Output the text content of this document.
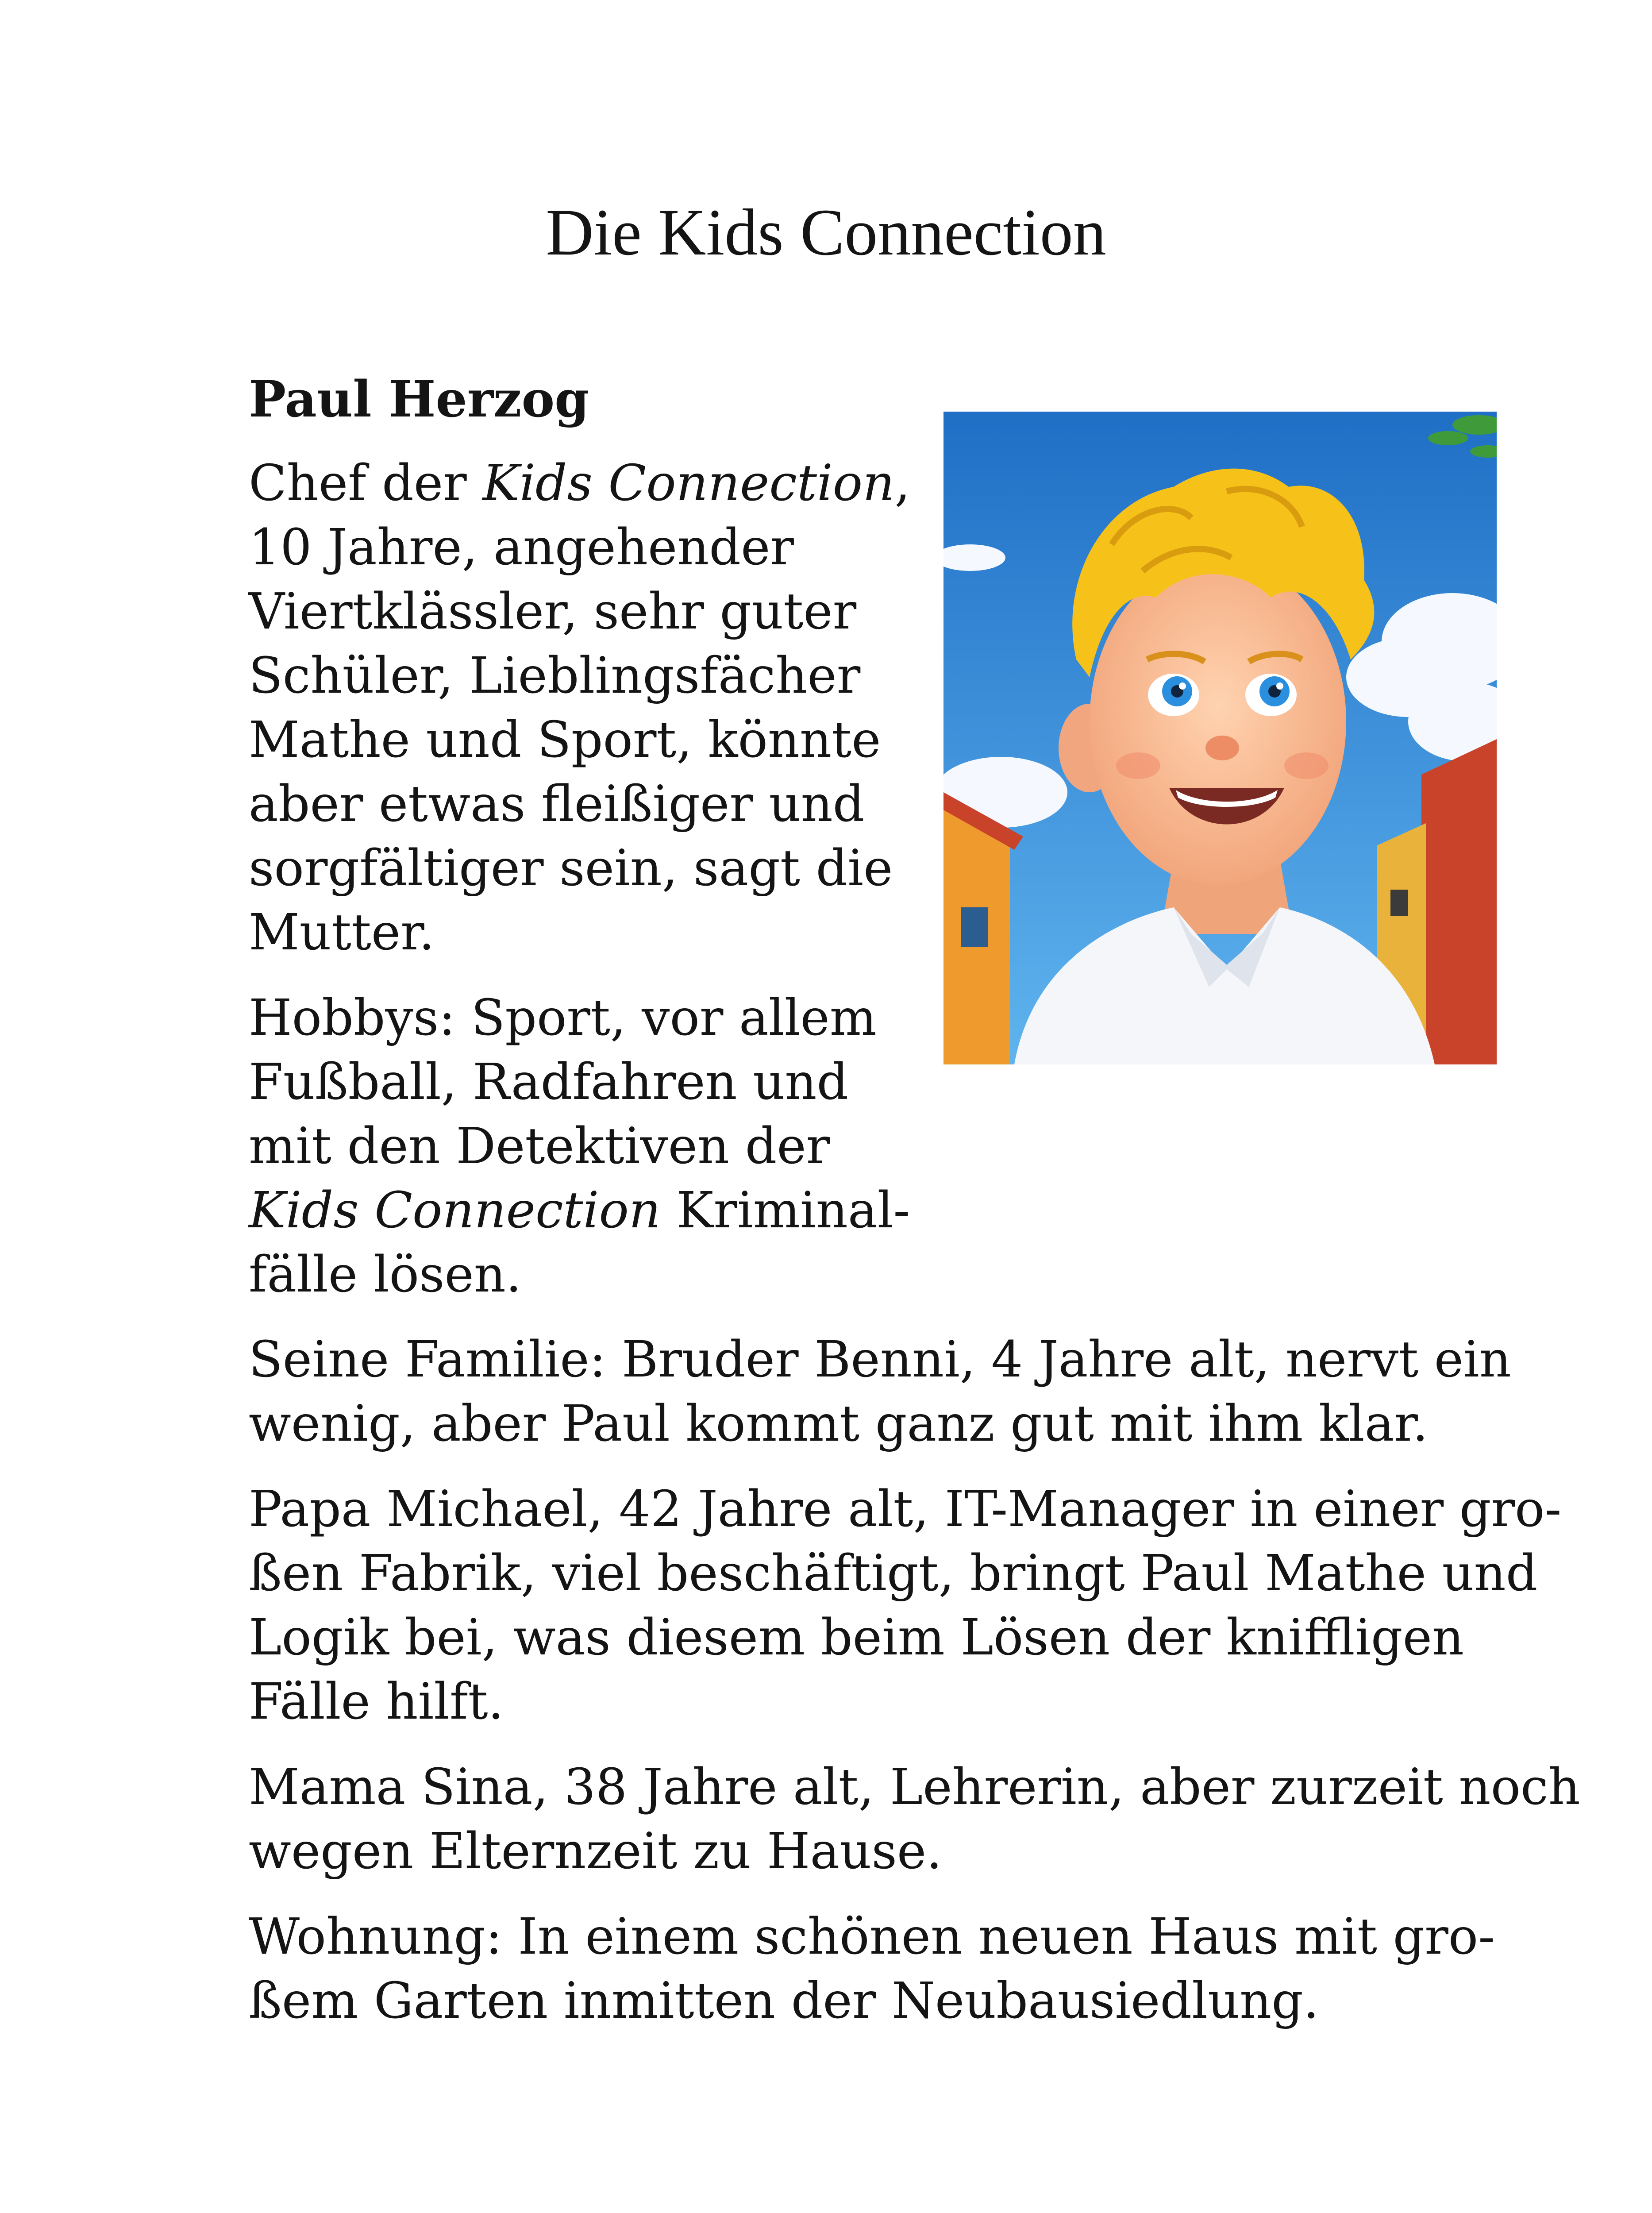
Die Kids Connection
Paul Herzog

Chef der Kids Connection,
10 Jahre, angehender
Viertklässler, sehr guter
Schüler, Lieblingsfächer
Mathe und Sport, könnte
aber etwas fleißiger und
sorgfältiger sein, sagt die
Mutter.

Hobbys: Sport, vor allem
Fußball, Radfahren und
mit den Detektiven der
Kids Connection Kriminal-
fälle lösen.

Seine Familie: Bruder Benni, 4 Jahre alt, nervt ein
wenig, aber Paul kommt ganz gut mit ihm klar.

Papa Michael, 42 Jahre alt, IT-Manager in einer gro-
ßen Fabrik, viel beschäftigt, bringt Paul Mathe und
Logik bei, was diesem beim Lösen der kniffligen
Fälle hilft.

Mama Sina, 38 Jahre alt, Lehrerin, aber zurzeit noch
wegen Elternzeit zu Hause.

Wohnung: In einem schönen neuen Haus mit gro-
ßem Garten inmitten der Neubausiedlung.
